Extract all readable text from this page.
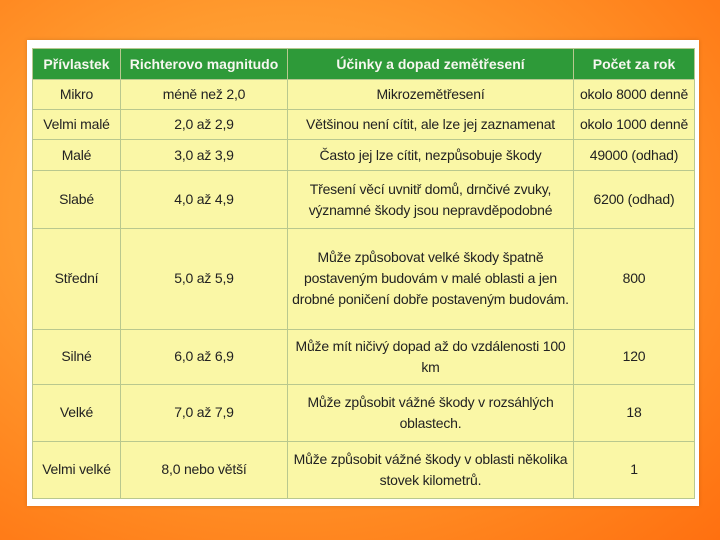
Přívlastek	Richterovo magnitudo	Účinky a dopad zemětřesení	Počet za rok
Mikro	méně než 2,0	Mikrozemětřesení	okolo 8000 denně
Velmi malé	2,0 až 2,9	Většinou není cítit, ale lze jej zaznamenat	okolo 1000 denně
Malé	3,0 až 3,9	Často jej lze cítit, nezpůsobuje škody	49000 (odhad)
Slabé	4,0 až 4,9	Třesení věcí uvnitř domů, drnčivé zvuky, významné škody jsou nepravděpodobné	6200 (odhad)
Střední	5,0 až 5,9	Může způsobovat velké škody špatně postaveným budovám v malé oblasti a jen drobné poničení dobře postaveným budovám.	800
Silné	6,0 až 6,9	Může mít ničivý dopad až do vzdálenosti 100 km	120
Velké	7,0 až 7,9	Může způsobit vážné škody v rozsáhlých oblastech.	18
Velmi velké	8,0 nebo větší	Může způsobit vážné škody v oblasti několika stovek kilometrů.	1
